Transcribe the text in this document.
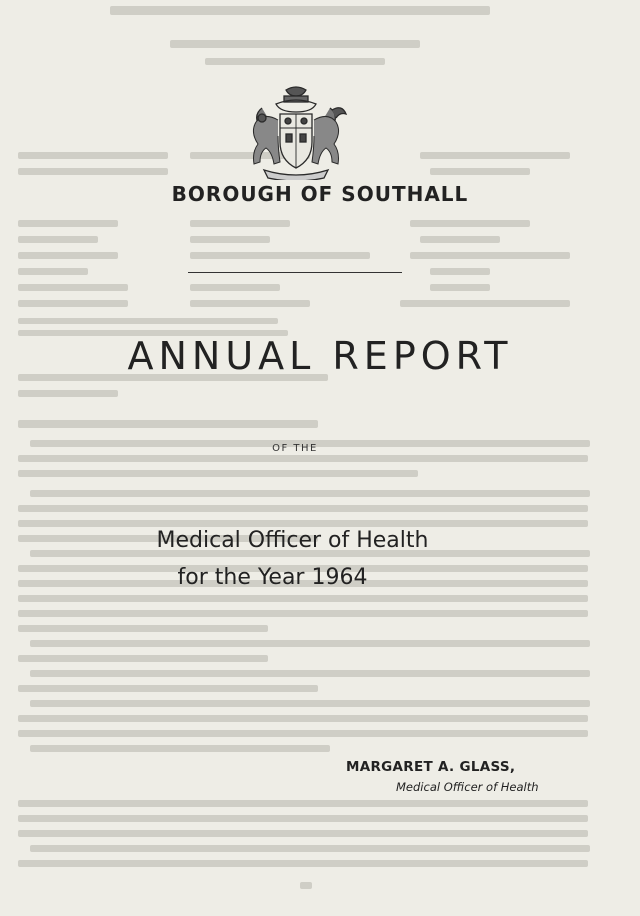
BOROUGH OF SOUTHALL
ANNUAL REPORT
OF THE
Medical Officer of Health
for the Year 1964
MARGARET A. GLASS,
Medical Officer of Health
